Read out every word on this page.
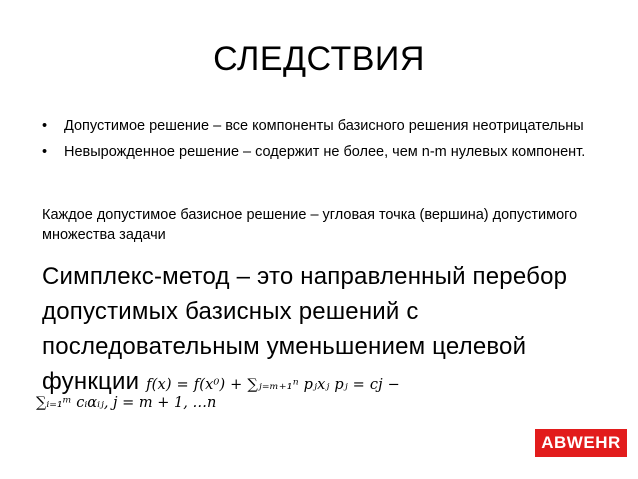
СЛЕДСТВИЯ
• Допустимое решение – все компоненты базисного решения неотрицательны
• Невырожденное решение – содержит не более, чем n-m нулевых компонент.
Каждое допустимое базисное решение – угловая точка (вершина) допустимого множества задачи
Симплекс-метод – это направленный перебор допустимых базисных решений с последовательным уменьшением целевой функции f(x) = f(x⁰) + ∑ⱼ₌ₘ₊₁ⁿ pⱼxⱼ pⱼ = cj −
∑ᵢ₌₁ᵐ cᵢαᵢⱼ, j = m + 1, …n
ABWEHR
